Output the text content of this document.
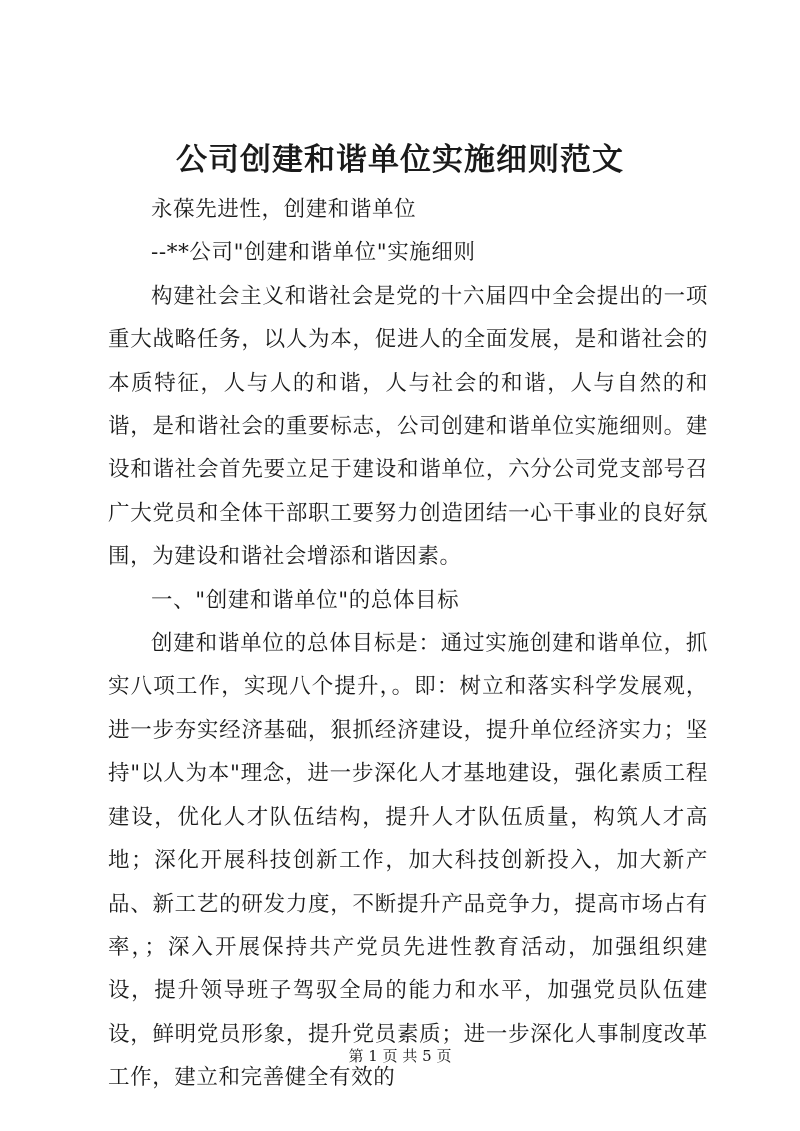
公司创建和谐单位实施细则范文

永葆先进性，创建和谐单位

--**公司"创建和谐单位"实施细则

构建社会主义和谐社会是党的十六届四中全会提出的一项重大战略任务，以人为本，促进人的全面发展，是和谐社会的本质特征，人与人的和谐，人与社会的和谐，人与自然的和谐，是和谐社会的重要标志，公司创建和谐单位实施细则。建设和谐社会首先要立足于建设和谐单位，六分公司党支部号召广大党员和全体干部职工要努力创造团结一心干事业的良好氛围，为建设和谐社会增添和谐因素。

一、"创建和谐单位"的总体目标

创建和谐单位的总体目标是：通过实施创建和谐单位，抓实八项工作，实现八个提升，。即：树立和落实科学发展观，进一步夯实经济基础，狠抓经济建设，提升单位经济实力；坚持"以人为本"理念，进一步深化人才基地建设，强化素质工程建设，优化人才队伍结构，提升人才队伍质量，构筑人才高地；深化开展科技创新工作，加大科技创新投入，加大新产品、新工艺的研发力度，不断提升产品竞争力，提高市场占有率，；深入开展保持共产党员先进性教育活动，加强组织建设，提升领导班子驾驭全局的能力和水平，加强党员队伍建设，鲜明党员形象，提升党员素质；进一步深化人事制度改革工作，建立和完善健全有效的

第 1 页 共 5 页
